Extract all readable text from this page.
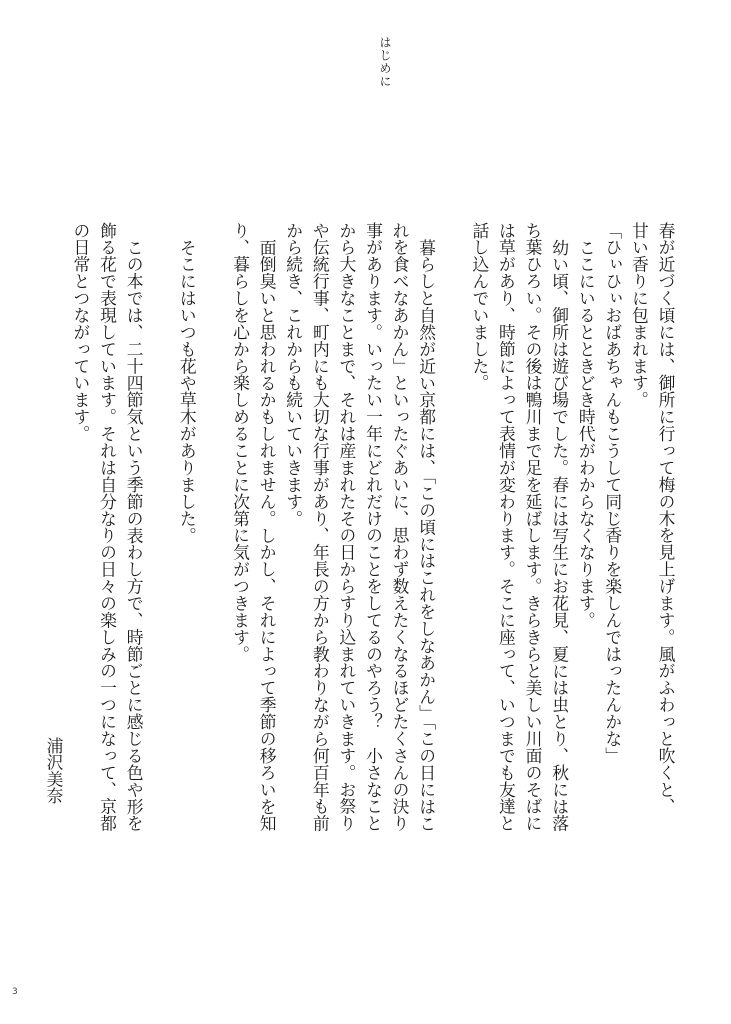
はじめに
春が近づく頃には、御所に行って梅の木を見上げます。風がふわっと吹くと、
甘い香りに包まれます。
「ひぃひぃおばあちゃんもこうして同じ香りを楽しんではったんかな」
ここにいるとときどき時代がわからなくなります。
幼い頃、御所は遊び場でした。春には写生にお花見、夏には虫とり、秋には落
ち葉ひろい。その後は鴨川まで足を延ばします。きらきらと美しい川面のそばに
は草があり、時節によって表情が変わります。そこに座って、いつまでも友達と
話し込んでいました。
暮らしと自然が近い京都には、「この頃にはこれをしなあかん」「この日にはこ
れを食べなあかん」といったぐあいに、思わず数えたくなるほどたくさんの決り
事があります。いったい一年にどれだけのことをしてるのやろう？　小さなこと
から大きなことまで、それは産まれたその日からすり込まれていきます。お祭り
や伝統行事、町内にも大切な行事があり、年長の方から教わりながら何百年も前
から続き、これからも続いていきます。
面倒臭いと思われるかもしれません。しかし、それによって季節の移ろいを知
り、暮らしを心から楽しめることに次第に気がつきます。
そこにはいつも花や草木がありました。
この本では、二十四節気という季節の表わし方で、時節ごとに感じる色や形を
飾る花で表現しています。それは自分なりの日々の楽しみの一つになって、京都
の日常とつながっています。
浦沢美奈
3
